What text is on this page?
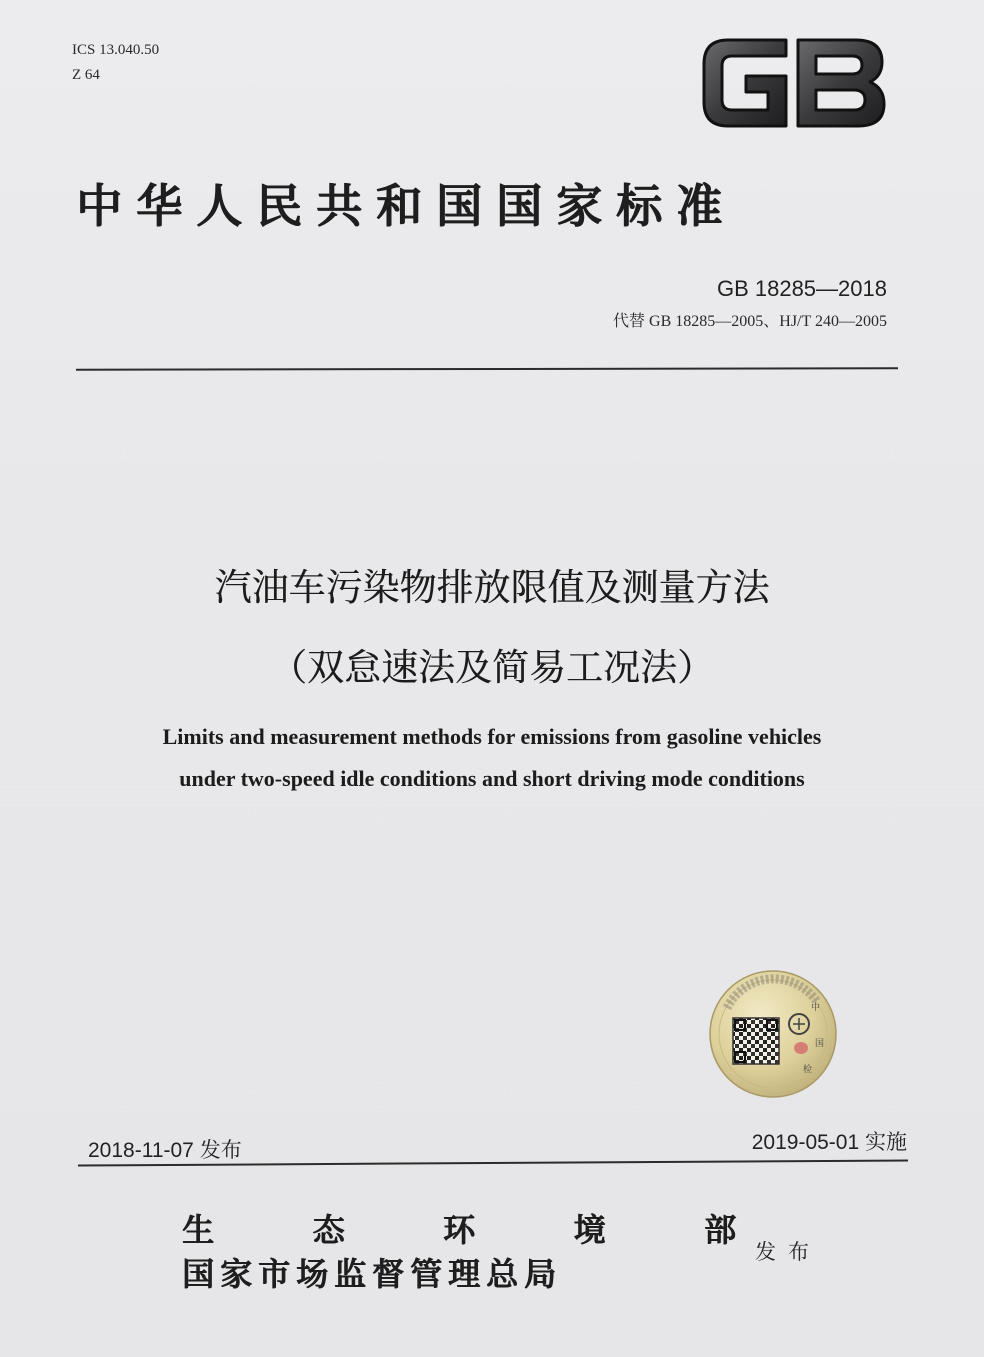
ICS 13.040.50
Z 64
中华人民共和国国家标准
GB 18285—2018
代替 GB 18285—2005、HJ/T 240—2005
汽油车污染物排放限值及测量方法
（双怠速法及简易工况法）
Limits and measurement methods for emissions from gasoline vehicles
under two-speed idle conditions and short driving mode conditions
中
国
检
2018-11-07 发布	2019-05-01 实施
生	态	环	境	部
国家市场监督管理总局
发布
